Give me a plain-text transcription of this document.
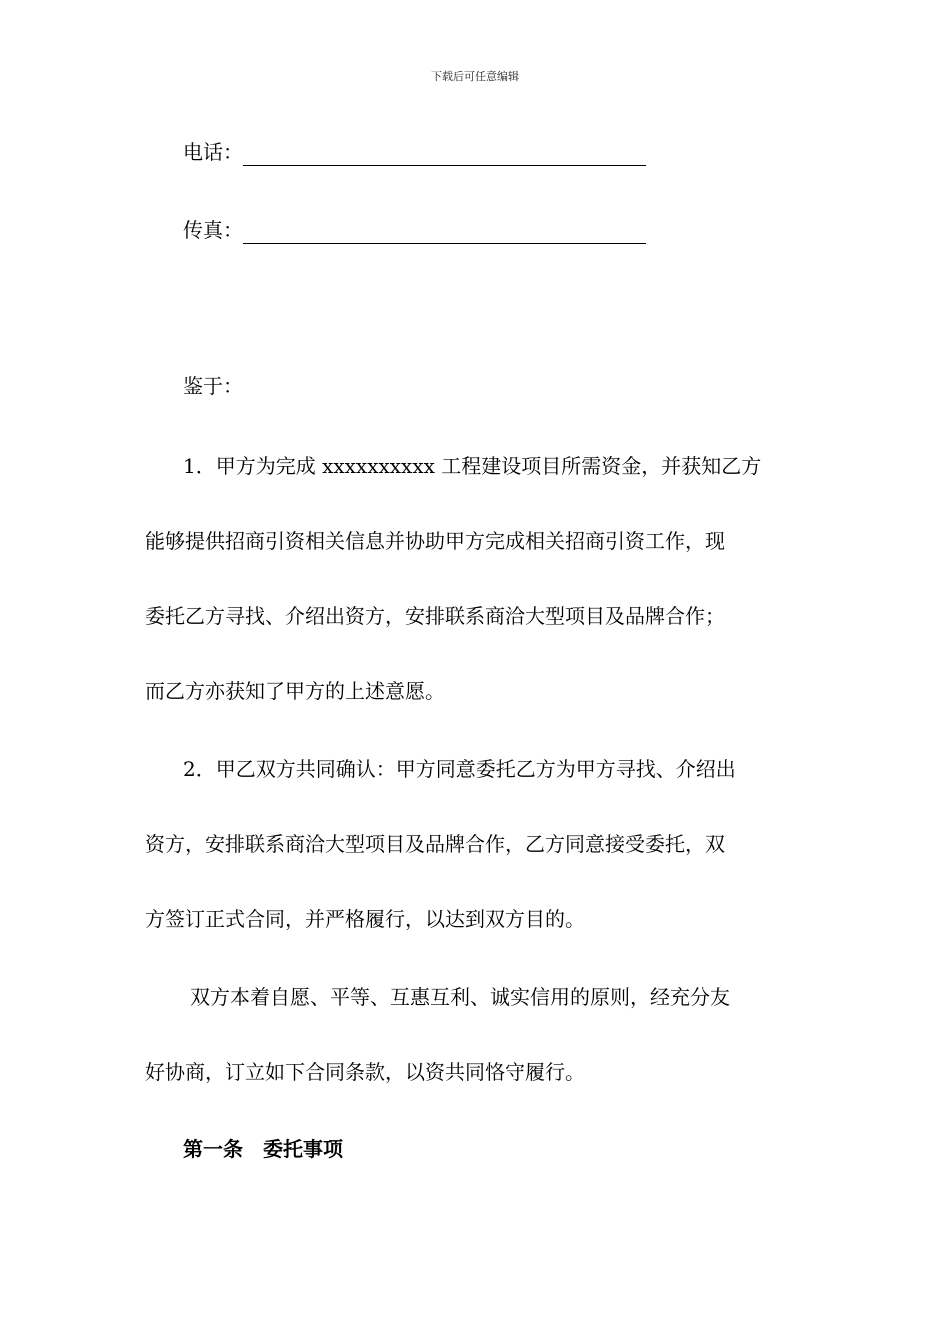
下载后可任意编辑
电话：
传真：
鉴于：
1．甲方为完成 xxxxxxxxxx 工程建设项目所需资金，并获知乙方
能够提供招商引资相关信息并协助甲方完成相关招商引资工作，现
委托乙方寻找、介绍出资方，安排联系商洽大型项目及品牌合作；
而乙方亦获知了甲方的上述意愿。
2．甲乙双方共同确认：甲方同意委托乙方为甲方寻找、介绍出
资方，安排联系商洽大型项目及品牌合作，乙方同意接受委托，双
方签订正式合同，并严格履行，以达到双方目的。
双方本着自愿、平等、互惠互利、诚实信用的原则，经充分友
好协商，订立如下合同条款，以资共同恪守履行。
第一条　委托事项
